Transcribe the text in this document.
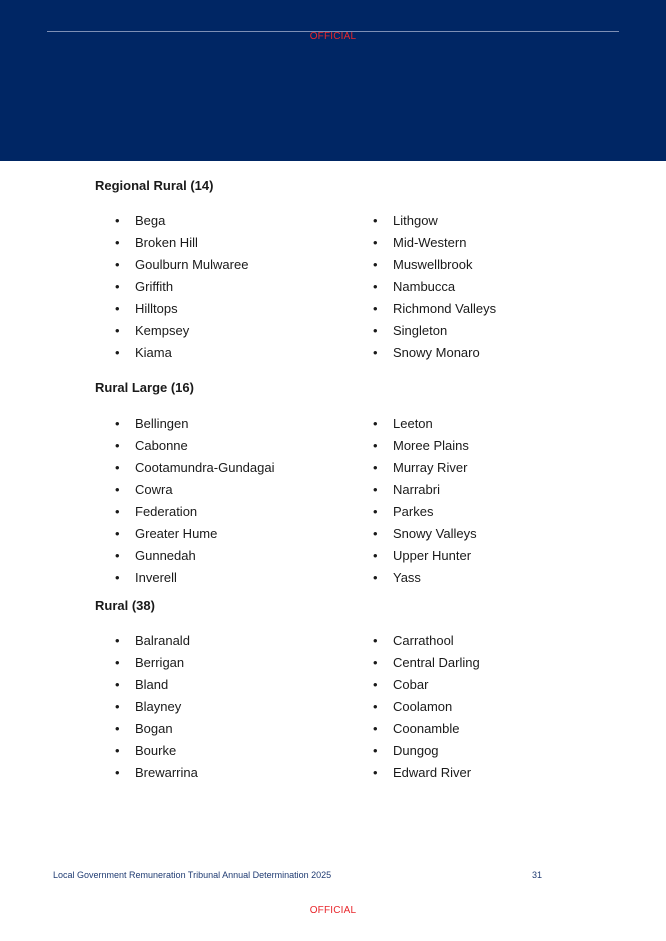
OFFICIAL
Regional Rural (14)
• Bega
• Broken Hill
• Goulburn Mulwaree
• Griffith
• Hilltops
• Kempsey
• Kiama
• Lithgow
• Mid-Western
• Muswellbrook
• Nambucca
• Richmond Valleys
• Singleton
• Snowy Monaro
Rural Large (16)
• Bellingen
• Cabonne
• Cootamundra-Gundagai
• Cowra
• Federation
• Greater Hume
• Gunnedah
• Inverell
• Leeton
• Moree Plains
• Murray River
• Narrabri
• Parkes
• Snowy Valleys
• Upper Hunter
• Yass
Rural (38)
• Balranald
• Berrigan
• Bland
• Blayney
• Bogan
• Bourke
• Brewarrina
• Carrathool
• Central Darling
• Cobar
• Coolamon
• Coonamble
• Dungog
• Edward River
Local Government Remuneration Tribunal Annual Determination 2025	31
OFFICIAL
